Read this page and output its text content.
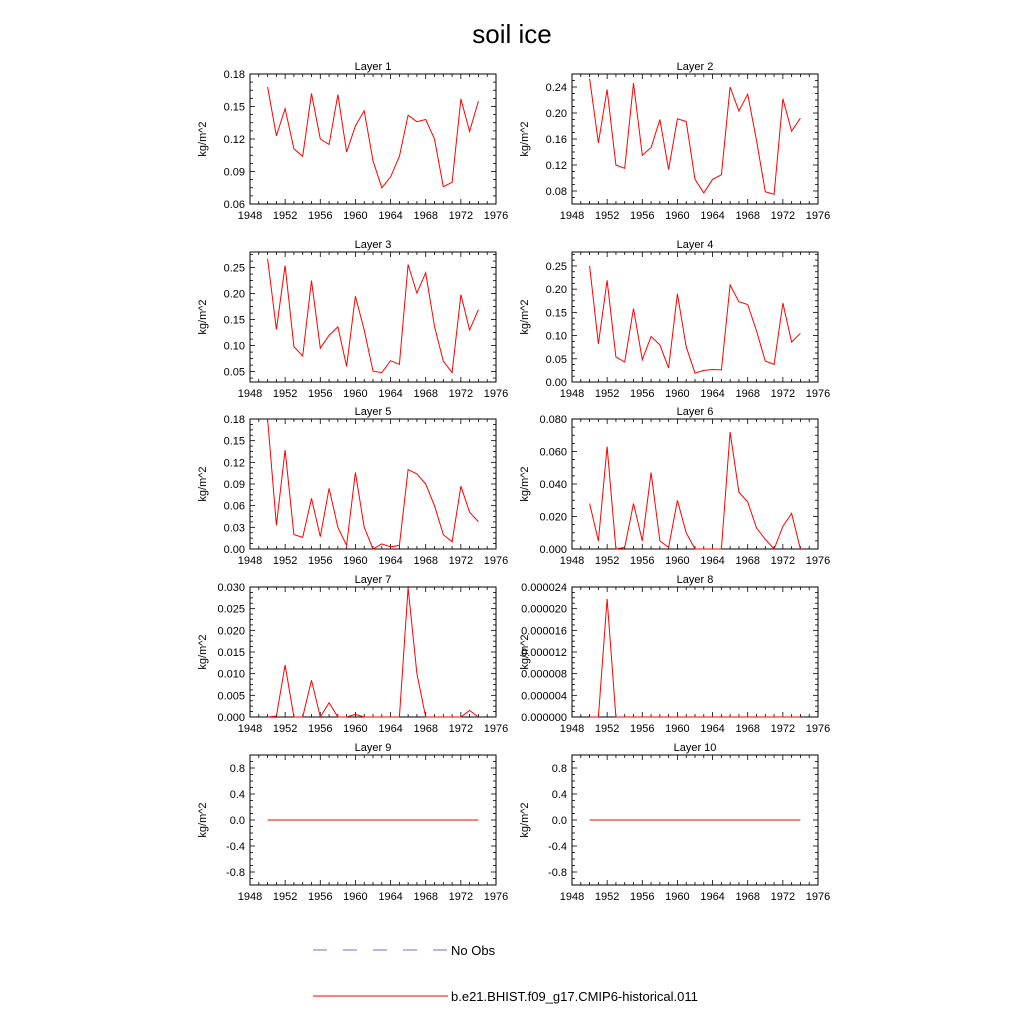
soil ice
Layer 1
kg/m^2
1948 1952 1956 1960 1964 1968 1972 1976
0.06
0.09
0.12
0.15
0.18
Layer 2
kg/m^2
1948 1952 1956 1960 1964 1968 1972 1976
0.08
0.12
0.16
0.20
0.24
Layer 3
kg/m^2
1948 1952 1956 1960 1964 1968 1972 1976
0.05
0.10
0.15
0.20
0.25
Layer 4
kg/m^2
1948 1952 1956 1960 1964 1968 1972 1976
0.00
0.05
0.10
0.15
0.20
0.25
Layer 5
kg/m^2
1948 1952 1956 1960 1964 1968 1972 1976
0.00
0.03
0.06
0.09
0.12
0.15
0.18
Layer 6
kg/m^2
1948 1952 1956 1960 1964 1968 1972 1976
0.000
0.020
0.040
0.060
0.080
Layer 7
kg/m^2
1948 1952 1956 1960 1964 1968 1972 1976
0.000
0.005
0.010
0.015
0.020
0.025
0.030
Layer 8
kg/m^2
1948 1952 1956 1960 1964 1968 1972 1976
0.000000
0.000004
0.000008
0.000012
0.000016
0.000020
0.000024
Layer 9
kg/m^2
1948 1952 1956 1960 1964 1968 1972 1976
-0.8
-0.4
0.0
0.4
0.8
Layer 10
kg/m^2
1948 1952 1956 1960 1964 1968 1972 1976
-0.8
-0.4
0.0
0.4
0.8
No Obs
b.e21.BHIST.f09_g17.CMIP6-historical.011
